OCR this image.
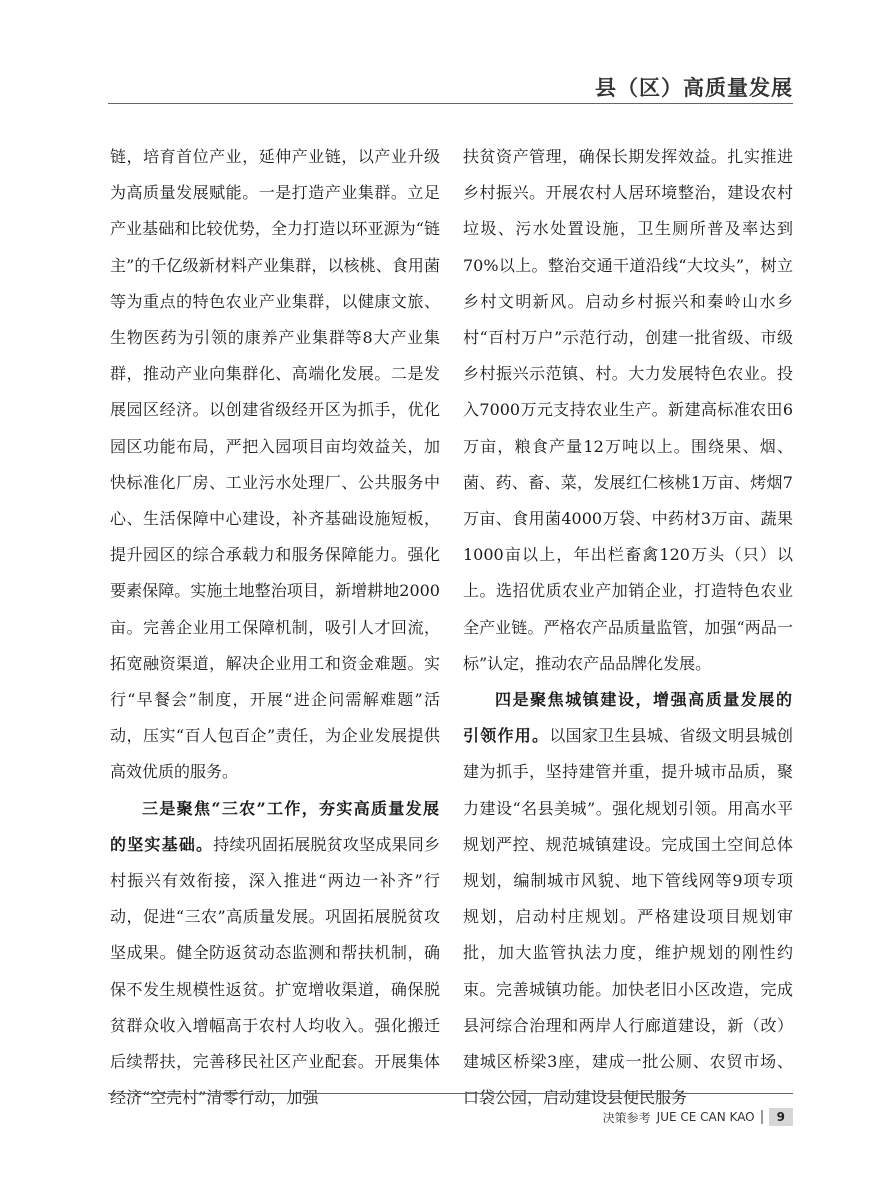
县（区）高质量发展

链，培育首位产业，延伸产业链，以产业升级为高质量发展赋能。一是打造产业集群。立足产业基础和比较优势，全力打造以环亚源为“链主”的千亿级新材料产业集群，以核桃、食用菌等为重点的特色农业产业集群，以健康文旅、生物医药为引领的康养产业集群等8大产业集群，推动产业向集群化、高端化发展。二是发展园区经济。以创建省级经开区为抓手，优化园区功能布局，严把入园项目亩均效益关，加快标准化厂房、工业污水处理厂、公共服务中心、生活保障中心建设，补齐基础设施短板，提升园区的综合承载力和服务保障能力。强化要素保障。实施土地整治项目，新增耕地2000亩。完善企业用工保障机制，吸引人才回流，拓宽融资渠道，解决企业用工和资金难题。实行“早餐会”制度，开展“进企问需解难题”活动，压实“百人包百企”责任，为企业发展提供高效优质的服务。

三是聚焦“三农”工作，夯实高质量发展的坚实基础。持续巩固拓展脱贫攻坚成果同乡村振兴有效衔接，深入推进“两边一补齐”行动，促进“三农”高质量发展。巩固拓展脱贫攻坚成果。健全防返贫动态监测和帮扶机制，确保不发生规模性返贫。扩宽增收渠道，确保脱贫群众收入增幅高于农村人均收入。强化搬迁后续帮扶，完善移民社区产业配套。开展集体经济“空壳村”清零行动，加强

扶贫资产管理，确保长期发挥效益。扎实推进乡村振兴。开展农村人居环境整治，建设农村垃圾、污水处置设施，卫生厕所普及率达到70%以上。整治交通干道沿线“大坟头”，树立乡村文明新风。启动乡村振兴和秦岭山水乡村“百村万户”示范行动，创建一批省级、市级乡村振兴示范镇、村。大力发展特色农业。投入7000万元支持农业生产。新建高标准农田6万亩，粮食产量12万吨以上。围绕果、烟、菌、药、畜、菜，发展红仁核桃1万亩、烤烟7万亩、食用菌4000万袋、中药材3万亩、蔬果1000亩以上，年出栏畜禽120万头（只）以上。选招优质农业产加销企业，打造特色农业全产业链。严格农产品质量监管，加强“两品一标”认定，推动农产品品牌化发展。

四是聚焦城镇建设，增强高质量发展的引领作用。以国家卫生县城、省级文明县城创建为抓手，坚持建管并重，提升城市品质，聚力建设“名县美城”。强化规划引领。用高水平规划严控、规范城镇建设。完成国土空间总体规划，编制城市风貌、地下管线网等9项专项规划，启动村庄规划。严格建设项目规划审批，加大监管执法力度，维护规划的刚性约束。完善城镇功能。加快老旧小区改造，完成县河综合治理和两岸人行廊道建设，新（改）建城区桥梁3座，建成一批公厕、农贸市场、口袋公园，启动建设县便民服务

决策参考 JUE CE CAN KAO	9
